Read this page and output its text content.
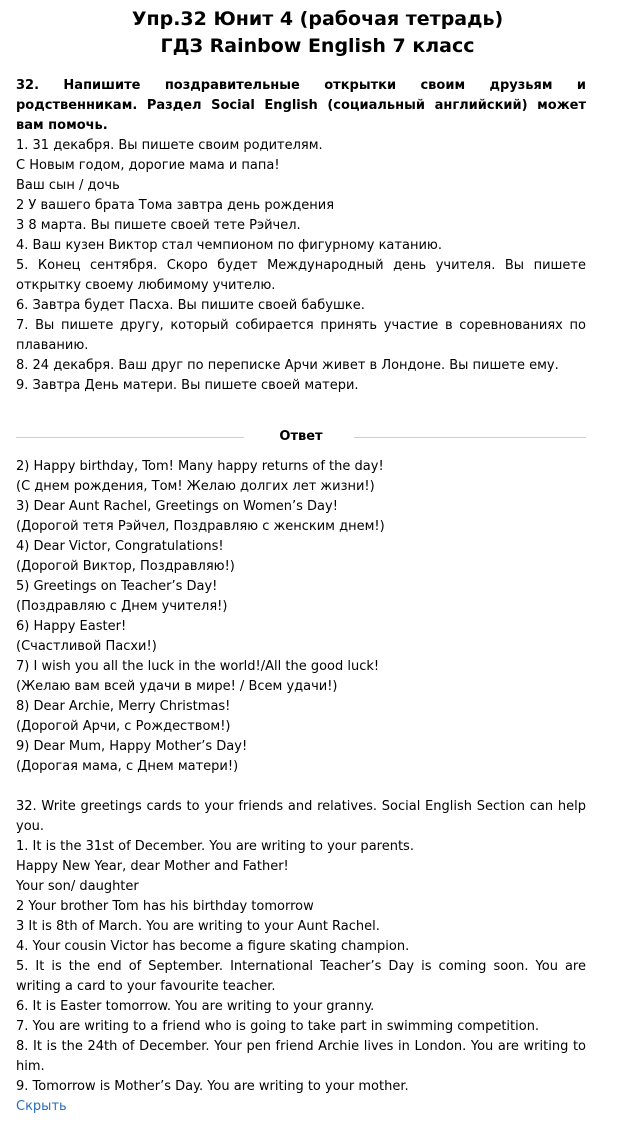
Упр.32 Юнит 4 (рабочая тетрадь)
ГДЗ Rainbow English 7 класс
32. Напишите поздравительные открытки своим друзьям и родственникам. Раздел Social English (социальный английский) может вам помочь.
1. 31 декабря. Вы пишете своим родителям.
С Новым годом, дорогие мама и папа!
Ваш сын / дочь
2 У вашего брата Тома завтра день рождения
3 8 марта. Вы пишете своей тете Рэйчел.
4. Ваш кузен Виктор стал чемпионом по фигурному катанию.
5. Конец сентября. Скоро будет Международный день учителя. Вы пишете открытку своему любимому учителю.
6. Завтра будет Пасха. Вы пишите своей бабушке.
7. Вы пишете другу, который собирается принять участие в соревнованиях по плаванию.
8. 24 декабря. Ваш друг по переписке Арчи живет в Лондоне. Вы пишете ему.
9. Завтра День матери. Вы пишете своей матери.
Ответ
2) Happy birthday, Tom! Many happy returns of the day!
(С днем рождения, Том! Желаю долгих лет жизни!)
3) Dear Aunt Rachel, Greetings on Women’s Day!
(Дорогой тетя Рэйчел, Поздравляю с женским днем!)
4) Dear Victor, Congratulations!
(Дорогой Виктор, Поздравляю!)
5) Greetings on Teacher’s Day!
(Поздравляю с Днем учителя!)
6) Happy Easter!
(Счастливой Пасхи!)
7) I wish you all the luck in the world!/All the good luck!
(Желаю вам всей удачи в мире! / Всем удачи!)
8) Dear Archie, Merry Christmas!
(Дорогой Арчи, с Рождеством!)
9) Dear Mum, Happy Mother’s Day!
(Дорогая мама, с Днем матери!)
32. Write greetings cards to your friends and relatives. Social English Section can help you.
1. It is the 31st of December. You are writing to your parents.
Happy New Year, dear Mother and Father!
Your son/ daughter
2 Your brother Tom has his birthday tomorrow
3 It is 8th of March. You are writing to your Aunt Rachel.
4. Your cousin Victor has become a figure skating champion.
5. It is the end of September. International Teacher’s Day is coming soon. You are writing a card to your favourite teacher.
6. It is Easter tomorrow. You are writing to your granny.
7. You are writing to a friend who is going to take part in swimming competition.
8. It is the 24th of December. Your pen friend Archie lives in London. You are writing to him.
9. Tomorrow is Mother’s Day. You are writing to your mother.
Скрыть
